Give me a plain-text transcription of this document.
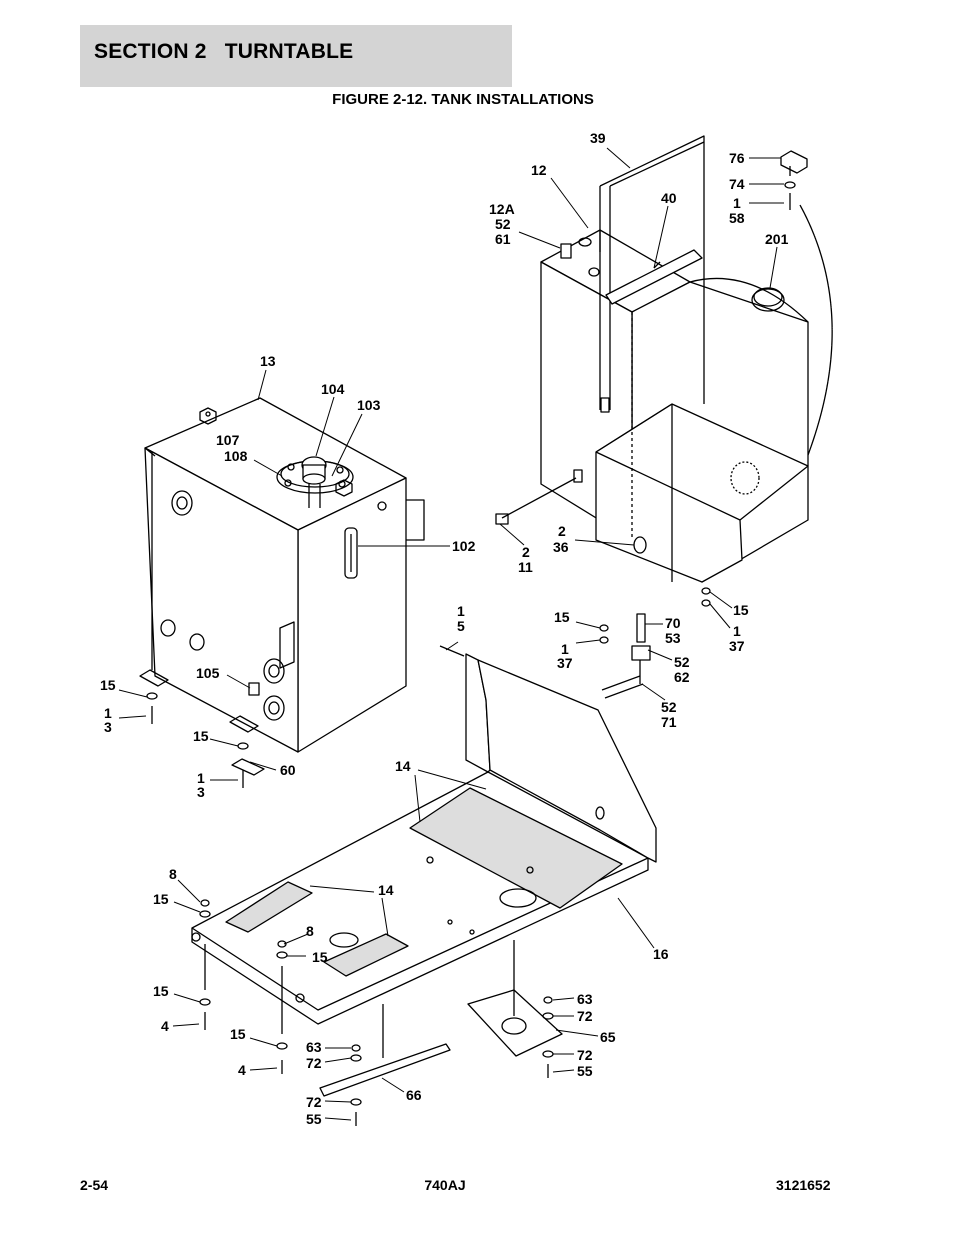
SECTION 2   TURNTABLE
FIGURE 2-12. TANK INSTALLATIONS
39
12
12A
52
61
40
76
74
1
58
201
13
104
103
107
108
102
2
36
2
11
15
1
37
15
1
37
70
53
52
62
52
71
1
5
105
15
1
3
15
60
1
3
14
8
15
14
8
15	16
15
4	15
4
63
72
66
72
55
63
72
65
72
55
2-54	740AJ	3121652
